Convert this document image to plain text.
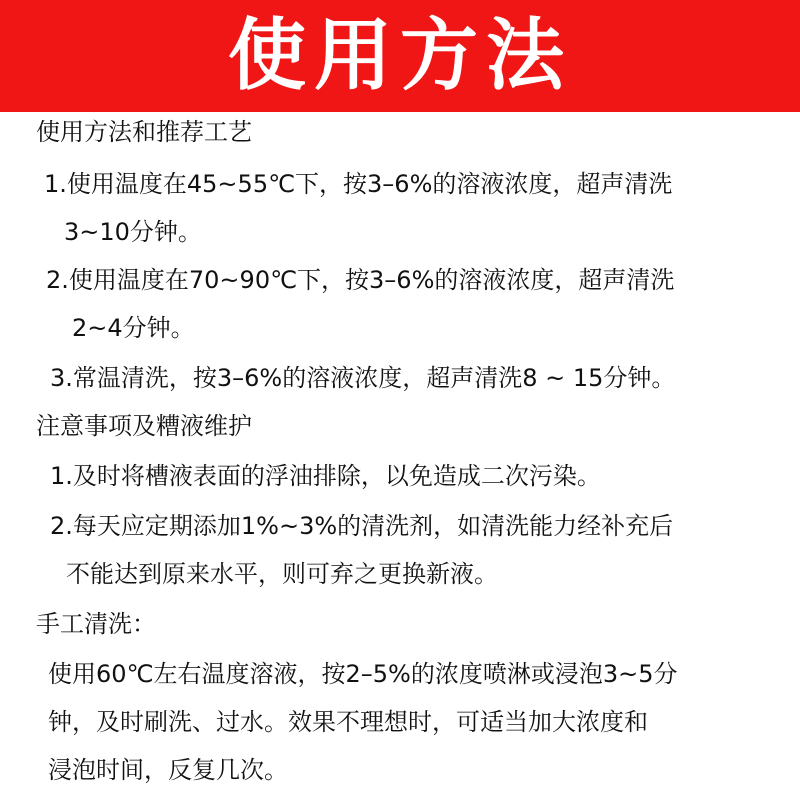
使用方法
使用方法和推荐工艺
1.使用温度在45~55℃下，按3–6%的溶液浓度，超声清洗
3~10分钟。
2.使用温度在70~90℃下，按3–6%的溶液浓度，超声清洗
2~4分钟。
3.常温清洗，按3–6%的溶液浓度，超声清洗8 ~ 15分钟。
注意事项及糟液维护
1.及时将槽液表面的浮油排除，以免造成二次污染。
2.每天应定期添加1%~3%的清洗剂，如清洗能力经补充后
不能达到原来水平，则可弃之更换新液。
手工清洗：
使用60℃左右温度溶液，按2–5%的浓度喷淋或浸泡3~5分
钟，及时刷洗、过水。效果不理想时，可适当加大浓度和
浸泡时间，反复几次。
